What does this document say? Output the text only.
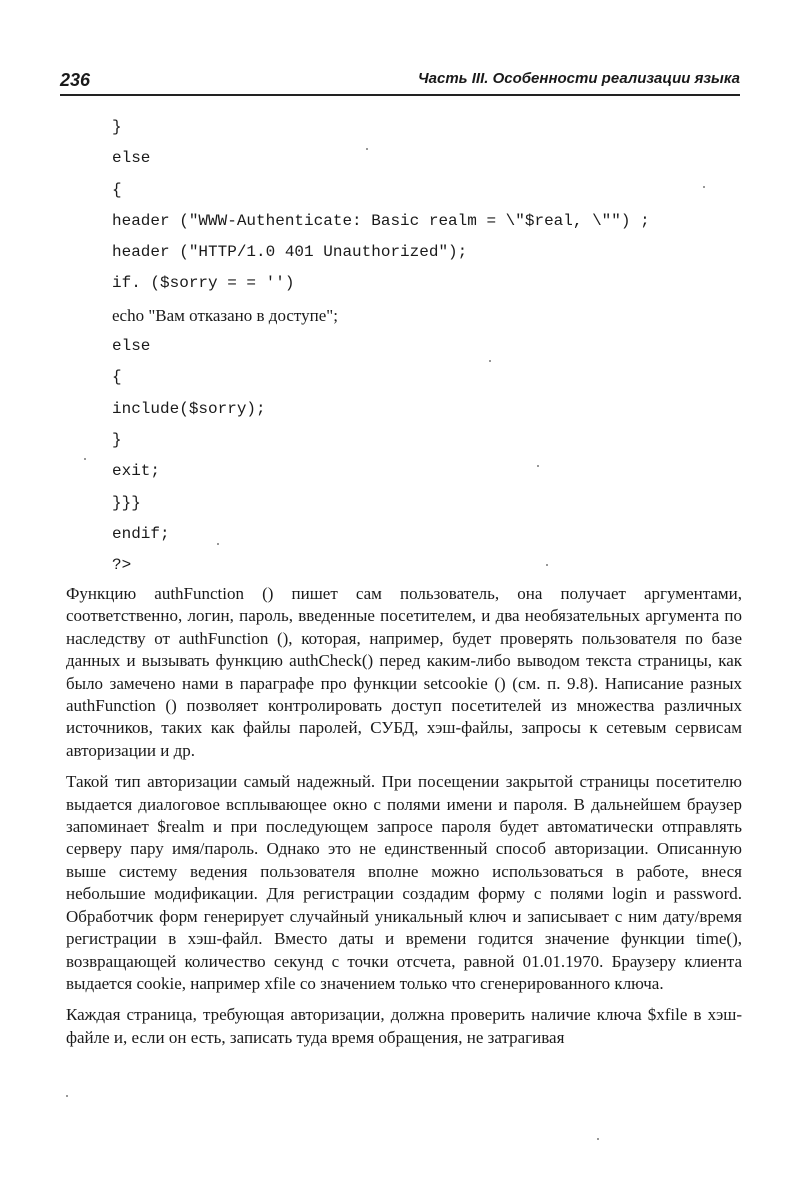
236	Часть III. Особенности реализации языка
}
else
{
header ("WWW-Authenticate: Basic realm = \"$real, \"") ;
header ("HTTP/1.0 401 Unauthorized");
if. ($sorry = = '')
echo "Вам отказано в доступе";
else
{
include($sorry);
}
exit;
}}}
endif;
?>

Функцию authFunction () пишет сам пользователь, она получает аргументами, соответственно, логин, пароль, введенные посетителем, и два необязательных аргумента по наследству от authFunction (), которая, например, будет проверять пользователя по базе данных и вызывать функцию authCheck() перед каким-либо выводом текста страницы, как было замечено нами в параграфе про функции setcookie () (см. п. 9.8). Написание разных authFunction () позволяет контролировать доступ посетителей из множества различных источников, таких как файлы паролей, СУБД, хэш-файлы, запросы к сетевым сервисам авторизации и др.

Такой тип авторизации самый надежный. При посещении закрытой страницы посетителю выдается диалоговое всплывающее окно с полями имени и пароля. В дальнейшем браузер запоминает $realm и при последующем запросе пароля будет автоматически отправлять серверу пару имя/пароль. Однако это не единственный способ авторизации. Описанную выше систему ведения пользователя вполне можно использоваться в работе, внеся небольшие модификации. Для регистрации создадим форму с полями login и password. Обработчик форм генерирует случайный уникальный ключ и записывает с ним дату/время регистрации в хэш-файл. Вместо даты и времени годится значение функции time(), возвращающей количество секунд с точки отсчета, равной 01.01.1970. Браузеру клиента выдается cookie, например xfile со значением только что сгенерированного ключа.

Каждая страница, требующая авторизации, должна проверить наличие ключа $xfile в хэш-файле и, если он есть, записать туда время обращения, не затрагивая
